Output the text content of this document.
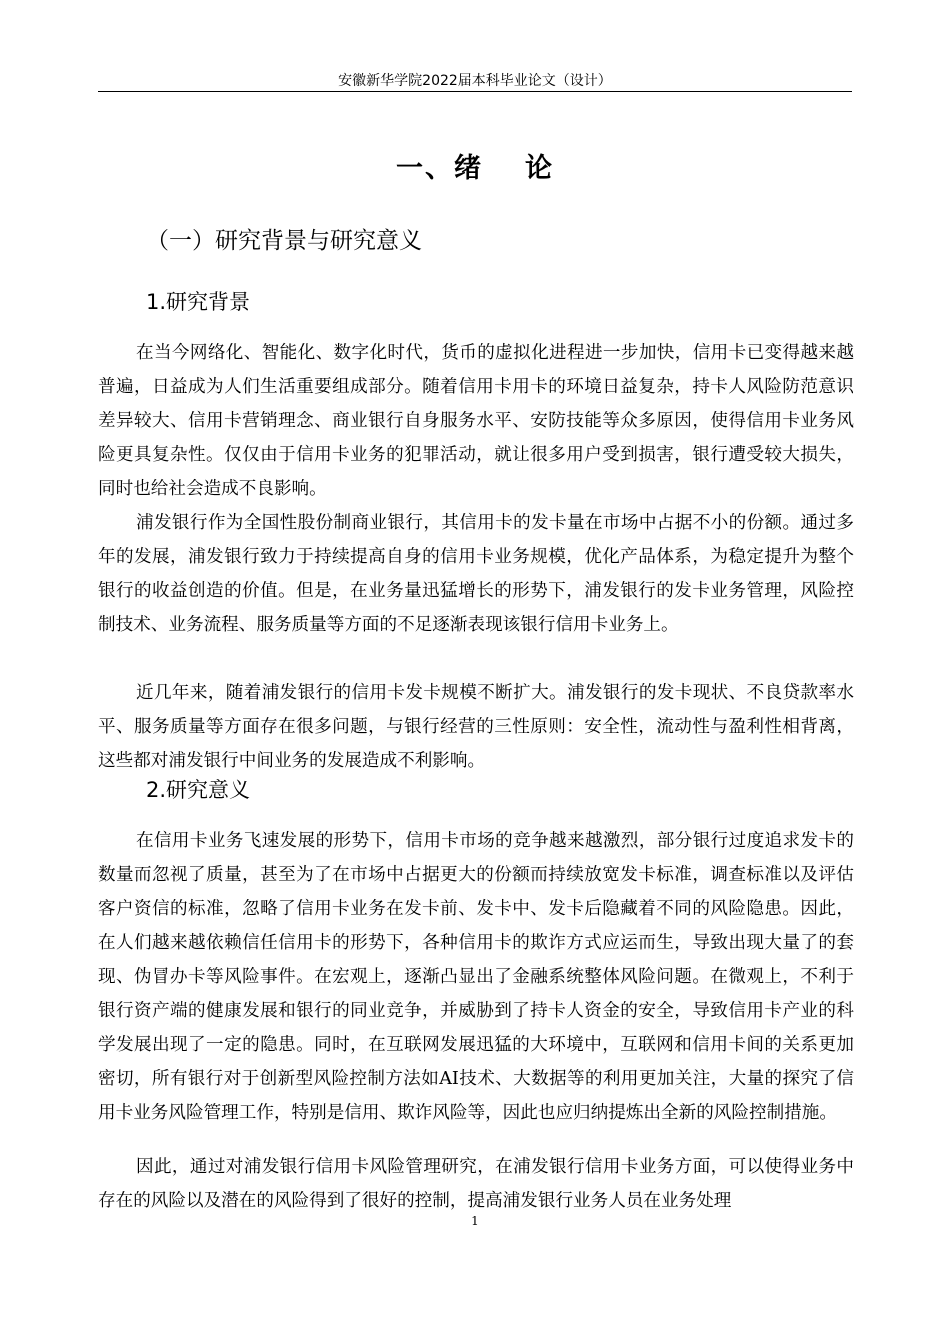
安徽新华学院2022届本科毕业论文（设计）
一、绪 论
（一）研究背景与研究意义
1.研究背景

在当今网络化、智能化、数字化时代，货币的虚拟化进程进一步加快，信用卡已变得越来越普遍，日益成为人们生活重要组成部分。随着信用卡用卡的环境日益复杂，持卡人风险防范意识差异较大、信用卡营销理念、商业银行自身服务水平、安防技能等众多原因，使得信用卡业务风险更具复杂性。仅仅由于信用卡业务的犯罪活动，就让很多用户受到损害，银行遭受较大损失，同时也给社会造成不良影响。

浦发银行作为全国性股份制商业银行，其信用卡的发卡量在市场中占据不小的份额。通过多年的发展，浦发银行致力于持续提高自身的信用卡业务规模，优化产品体系，为稳定提升为整个银行的收益创造的价值。但是，在业务量迅猛增长的形势下，浦发银行的发卡业务管理，风险控制技术、业务流程、服务质量等方面的不足逐渐表现该银行信用卡业务上。

近几年来，随着浦发银行的信用卡发卡规模不断扩大。浦发银行的发卡现状、不良贷款率水平、服务质量等方面存在很多问题，与银行经营的三性原则：安全性，流动性与盈利性相背离，这些都对浦发银行中间业务的发展造成不利影响。

2.研究意义

在信用卡业务飞速发展的形势下，信用卡市场的竞争越来越激烈，部分银行过度追求发卡的数量而忽视了质量，甚至为了在市场中占据更大的份额而持续放宽发卡标准，调查标准以及评估客户资信的标准，忽略了信用卡业务在发卡前、发卡中、发卡后隐藏着不同的风险隐患。因此，在人们越来越依赖信任信用卡的形势下，各种信用卡的欺诈方式应运而生，导致出现大量了的套现、伪冒办卡等风险事件。在宏观上，逐渐凸显出了金融系统整体风险问题。在微观上，不利于银行资产端的健康发展和银行的同业竞争，并威胁到了持卡人资金的安全，导致信用卡产业的科学发展出现了一定的隐患。同时，在互联网发展迅猛的大环境中，互联网和信用卡间的关系更加密切，所有银行对于创新型风险控制方法如AI技术、大数据等的利用更加关注，大量的探究了信用卡业务风险管理工作，特别是信用、欺诈风险等，因此也应归纳提炼出全新的风险控制措施。

因此，通过对浦发银行信用卡风险管理研究，在浦发银行信用卡业务方面，可以使得业务中存在的风险以及潜在的风险得到了很好的控制，提高浦发银行业务人员在业务处理

1
